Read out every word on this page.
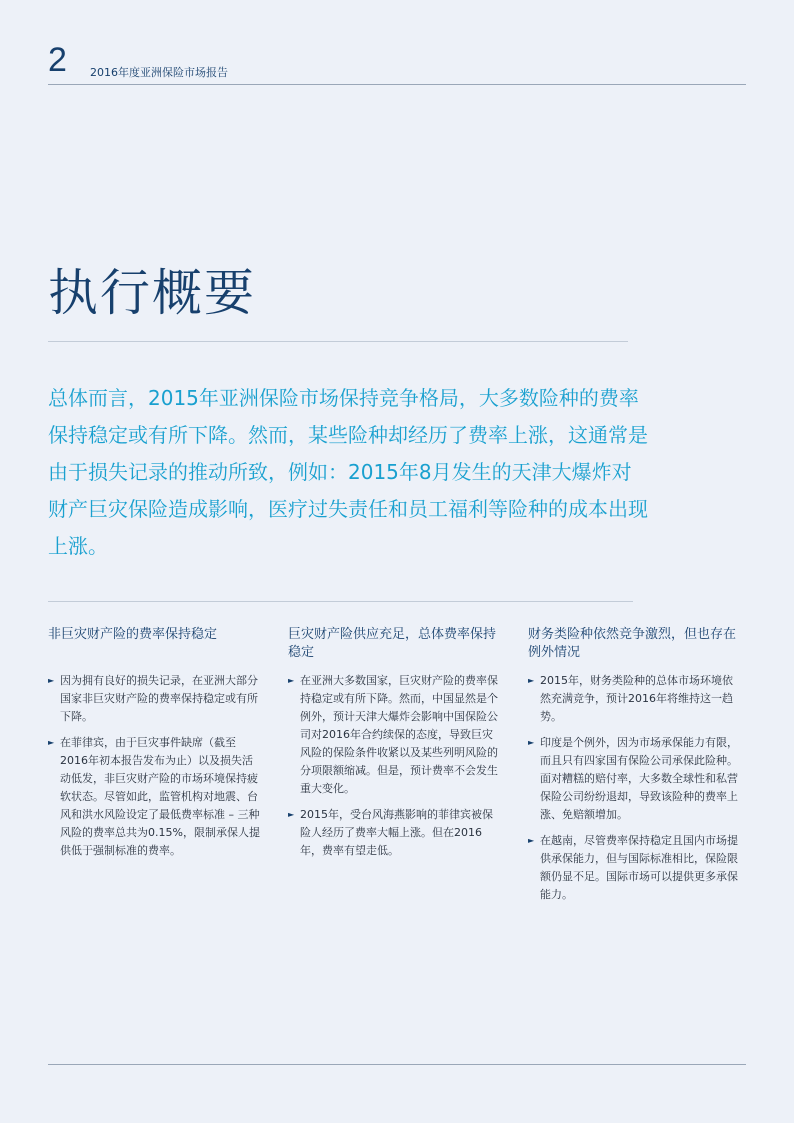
2 2016年度亚洲保险市场报告
执行概要

总体而言，2015年亚洲保险市场保持竞争格局，大多数险种的费率保持稳定或有所下降。然而，某些险种却经历了费率上涨，这通常是由于损失记录的推动所致，例如：2015年8月发生的天津大爆炸对财产巨灾保险造成影响，医疗过失责任和员工福利等险种的成本出现上涨。

非巨灾财产险的费率保持稳定
► 因为拥有良好的损失记录，在亚洲大部分国家非巨灾财产险的费率保持稳定或有所下降。
► 在菲律宾，由于巨灾事件缺席（截至2016年初本报告发布为止）以及损失活动低发，非巨灾财产险的市场环境保持疲软状态。尽管如此，监管机构对地震、台风和洪水风险设定了最低费率标准 – 三种风险的费率总共为0.15%，限制承保人提供低于强制标准的费率。
巨灾财产险供应充足，总体费率保持稳定
► 在亚洲大多数国家，巨灾财产险的费率保持稳定或有所下降。然而，中国显然是个例外，预计天津大爆炸会影响中国保险公司对2016年合约续保的态度，导致巨灾风险的保险条件收紧以及某些列明风险的分项限额缩减。但是，预计费率不会发生重大变化。
► 2015年，受台风海燕影响的菲律宾被保险人经历了费率大幅上涨。但在2016年，费率有望走低。
财务类险种依然竞争激烈，但也存在例外情况
► 2015年，财务类险种的总体市场环境依然充满竞争，预计2016年将维持这一趋势。
► 印度是个例外，因为市场承保能力有限，而且只有四家国有保险公司承保此险种。面对糟糕的赔付率，大多数全球性和私营保险公司纷纷退却，导致该险种的费率上涨、免赔额增加。
► 在越南，尽管费率保持稳定且国内市场提供承保能力，但与国际标准相比，保险限额仍显不足。国际市场可以提供更多承保能力。
